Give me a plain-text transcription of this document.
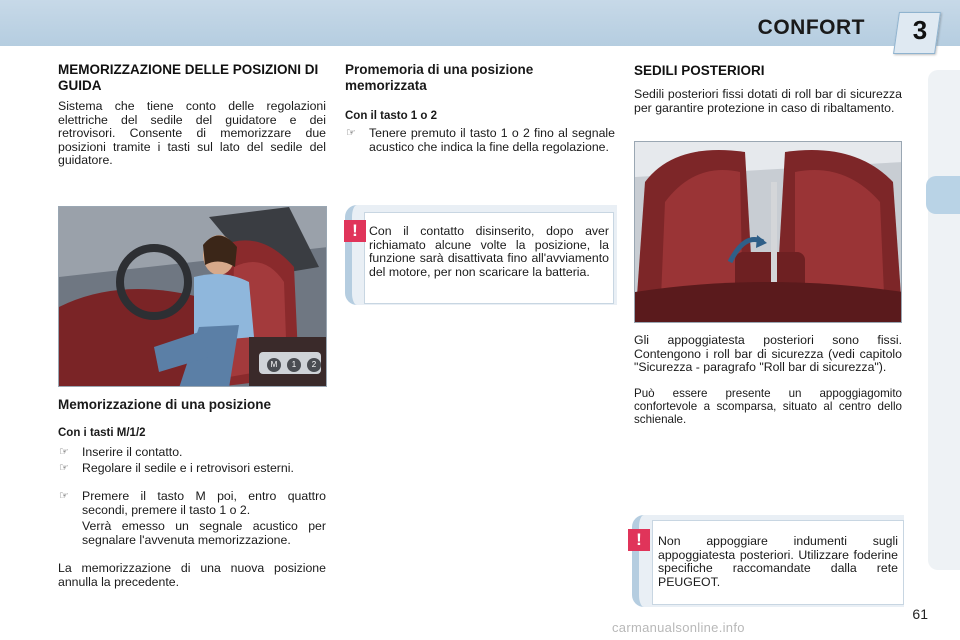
CONFORT 3
MEMORIZZAZIONE DELLE POSIZIONI DI GUIDA
Sistema che tiene conto delle regolazioni elettriche del sedile del guidatore e dei retrovisori. Consente di memorizzare due posizioni tramite i tasti sul lato del sedile del guidatore.
M	1	2
Memorizzazione di una posizione
Con i tasti M/1/2
☞	Inserire il contatto.
☞	Regolare il sedile e i retrovisori esterni.
☞	Premere il tasto M poi, entro quattro secondi, premere il tasto 1 o 2.
Verrà emesso un segnale acustico per segnalare l'avvenuta memorizzazione.
La memorizzazione di una nuova posizione annulla la precedente.
Promemoria di una posizione memorizzata
Con il tasto 1 o 2
☞	Tenere premuto il tasto 1 o 2 fino al segnale acustico che indica la fine della regolazione.
! Con il contatto disinserito, dopo aver richiamato alcune volte la posizione, la funzione sarà disattivata fino all'avviamento del motore, per non scaricare la batteria.
SEDILI POSTERIORI
Sedili posteriori fissi dotati di roll bar di sicurezza per garantire protezione in caso di ribaltamento.
Gli appoggiatesta posteriori sono fissi. Contengono i roll bar di sicurezza (vedi capitolo "Sicurezza - paragrafo "Roll bar di sicurezza").
Può essere presente un appoggiagomito confortevole a scomparsa, situato al centro dello schienale.
!	Non appoggiare indumenti sugli appoggiatesta posteriori. Utilizzare foderine specifiche raccomandate dalla rete PEUGEOT.
61
carmanualsonline.info
